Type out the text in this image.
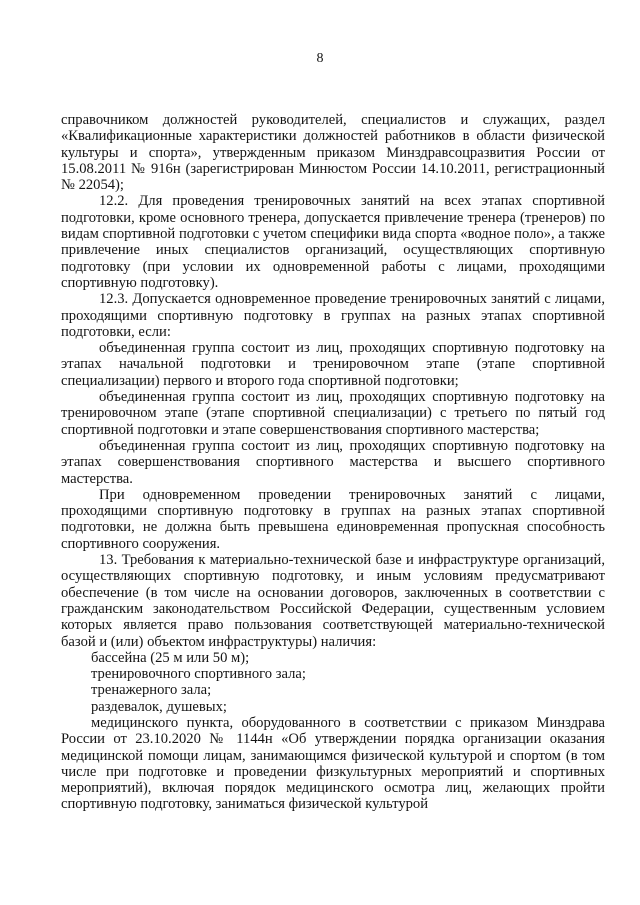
8

справочником должностей руководителей, специалистов и служащих, раздел «Квалификационные характеристики должностей работников в области физической культуры и спорта», утвержденным приказом Минздравсоцразвития России от 15.08.2011 № 916н (зарегистрирован Минюстом России 14.10.2011, регистрационный № 22054);

12.2. Для проведения тренировочных занятий на всех этапах спортивной подготовки, кроме основного тренера, допускается привлечение тренера (тренеров) по видам спортивной подготовки с учетом специфики вида спорта «водное поло», а также привлечение иных специалистов организаций, осуществляющих спортивную подготовку (при условии их одновременной работы с лицами, проходящими спортивную подготовку).

12.3. Допускается одновременное проведение тренировочных занятий с лицами, проходящими спортивную подготовку в группах на разных этапах спортивной подготовки, если:

объединенная группа состоит из лиц, проходящих спортивную подготовку на этапах начальной подготовки и тренировочном этапе (этапе спортивной специализации) первого и второго года спортивной подготовки;

объединенная группа состоит из лиц, проходящих спортивную подготовку на тренировочном этапе (этапе спортивной специализации) с третьего по пятый год спортивной подготовки и этапе совершенствования спортивного мастерства;

объединенная группа состоит из лиц, проходящих спортивную подготовку на этапах совершенствования спортивного мастерства и высшего спортивного мастерства.

При одновременном проведении тренировочных занятий с лицами, проходящими спортивную подготовку в группах на разных этапах спортивной подготовки, не должна быть превышена единовременная пропускная способность спортивного сооружения.

13. Требования к материально-технической базе и инфраструктуре организаций, осуществляющих спортивную подготовку, и иным условиям предусматривают обеспечение (в том числе на основании договоров, заключенных в соответствии с гражданским законодательством Российской Федерации, существенным условием которых является право пользования соответствующей материально-технической базой и (или) объектом инфраструктуры) наличия:

бассейна (25 м или 50 м);

тренировочного спортивного зала;

тренажерного зала;

раздевалок, душевых;

медицинского пункта, оборудованного в соответствии с приказом Минздрава России от 23.10.2020 № 1144н «Об утверждении порядка организации оказания медицинской помощи лицам, занимающимся физической культурой и спортом (в том числе при подготовке и проведении физкультурных мероприятий и спортивных мероприятий), включая порядок медицинского осмотра лиц, желающих пройти спортивную подготовку, заниматься физической культурой
